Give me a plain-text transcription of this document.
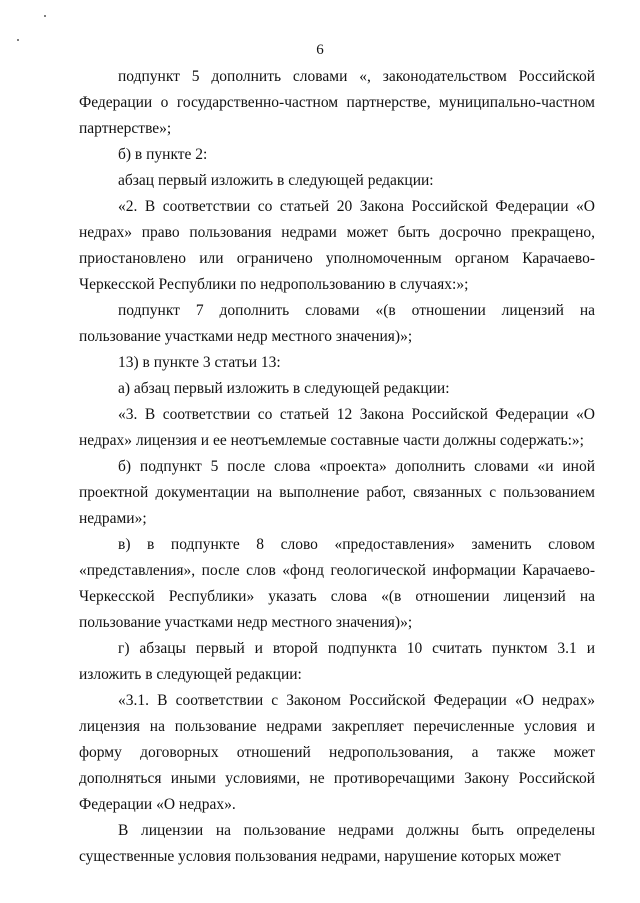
6

подпункт 5 дополнить словами «, законодательством Российской Федерации о государственно-частном партнерстве, муниципально-частном партнерстве»;

б) в пункте 2:

абзац первый изложить в следующей редакции:

«2. В соответствии со статьей 20 Закона Российской Федерации «О недрах» право пользования недрами может быть досрочно прекращено, приостановлено или ограничено уполномоченным органом Карачаево-Черкесской Республики по недропользованию в случаях:»;

подпункт 7 дополнить словами «(в отношении лицензий на пользование участками недр местного значения)»;

13) в пункте 3 статьи 13:

а) абзац первый изложить в следующей редакции:

«3. В соответствии со статьей 12 Закона Российской Федерации «О недрах» лицензия и ее неотъемлемые составные части должны содержать:»;

б) подпункт 5 после слова «проекта» дополнить словами «и иной проектной документации на выполнение работ, связанных с пользованием недрами»;

в) в подпункте 8 слово «предоставления» заменить словом «представления», после слов «фонд геологической информации Карачаево-Черкесской Республики» указать слова «(в отношении лицензий на пользование участками недр местного значения)»;

г) абзацы первый и второй подпункта 10 считать пунктом 3.1 и изложить в следующей редакции:

«3.1. В соответствии с Законом Российской Федерации «О недрах» лицензия на пользование недрами закрепляет перечисленные условия и форму договорных отношений недропользования, а также может дополняться иными условиями, не противоречащими Закону Российской Федерации «О недрах».

В лицензии на пользование недрами должны быть определены существенные условия пользования недрами, нарушение которых может
